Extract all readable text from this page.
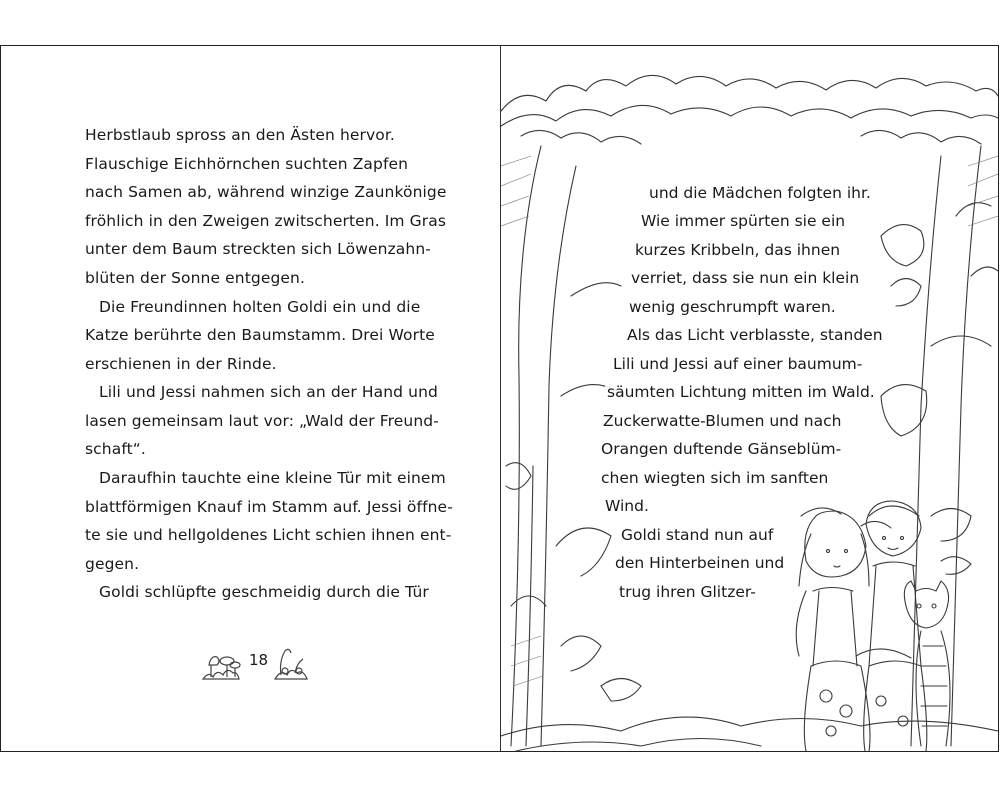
Herbstlaub spross an den Ästen hervor.
Flauschige Eichhörnchen suchten Zapfen
nach Samen ab, während winzige Zaunkönige
fröhlich in den Zweigen zwitscherten. Im Gras
unter dem Baum streckten sich Löwenzahn-
blüten der Sonne entgegen.
Die Freundinnen holten Goldi ein und die
Katze berührte den Baumstamm. Drei Worte
erschienen in der Rinde.
Lili und Jessi nahmen sich an der Hand und
lasen gemeinsam laut vor: „Wald der Freund-
schaft“.
Daraufhin tauchte eine kleine Tür mit einem
blattförmigen Knauf im Stamm auf. Jessi öffne-
te sie und hellgoldenes Licht schien ihnen ent-
gegen.
Goldi schlüpfte geschmeidig durch die Tür
18
und die Mädchen folgten ihr.
Wie immer spürten sie ein
kurzes Kribbeln, das ihnen
verriet, dass sie nun ein klein
wenig geschrumpft waren.
Als das Licht verblasste, standen
Lili und Jessi auf einer baumum-
säumten Lichtung mitten im Wald.
Zuckerwatte-Blumen und nach
Orangen duftende Gänseblüm-
chen wiegten sich im sanften
Wind.
Goldi stand nun auf
den Hinterbeinen und
trug ihren Glitzer-
